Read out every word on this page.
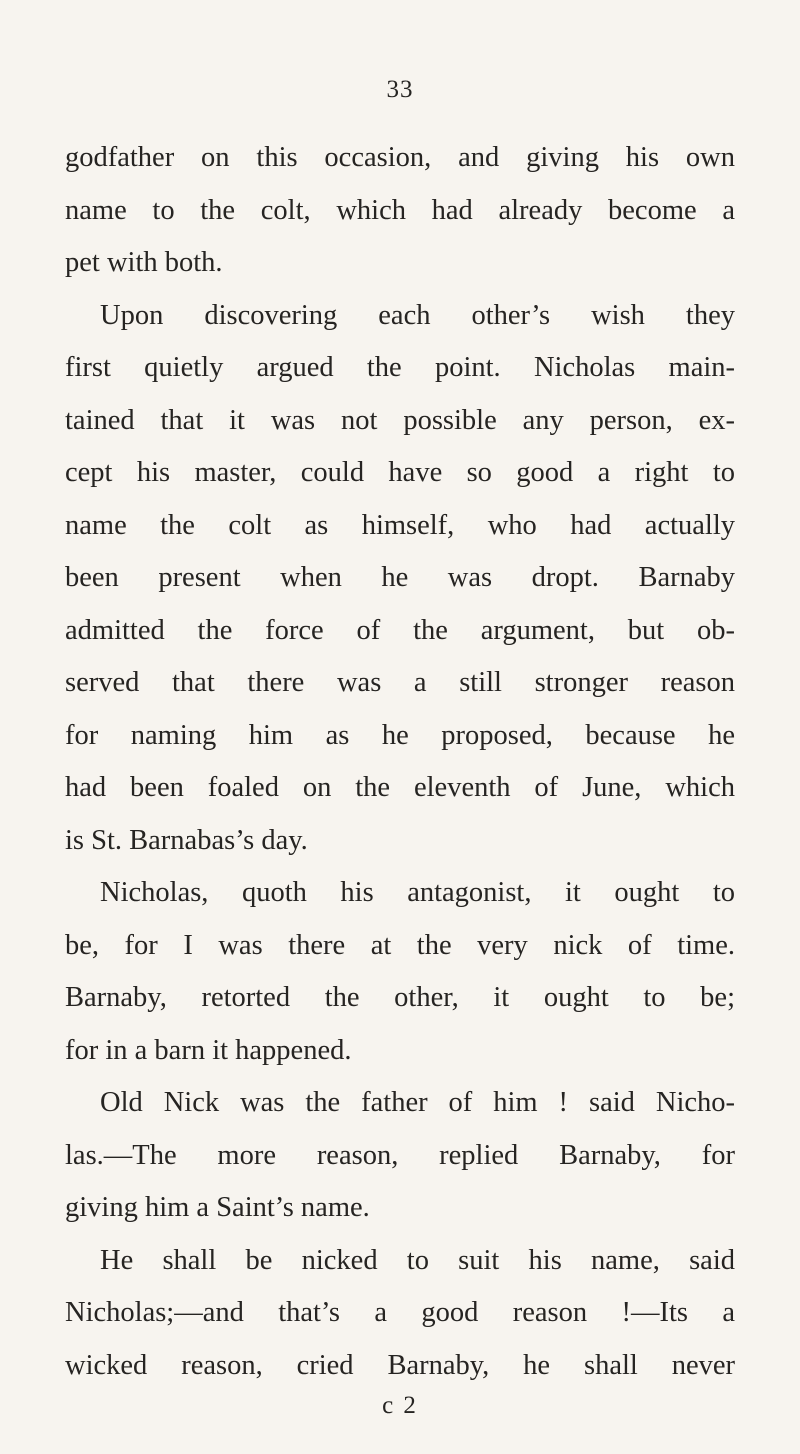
33
godfather on this occasion, and giving his own
name to the colt, which had already become a
pet with both.
Upon discovering each other’s wish they
first quietly argued the point. Nicholas main-
tained that it was not possible any person, ex-
cept his master, could have so good a right to
name the colt as himself, who had actually
been present when he was dropt. Barnaby
admitted the force of the argument, but ob-
served that there was a still stronger reason
for naming him as he proposed, because he
had been foaled on the eleventh of June, which
is St. Barnabas’s day.
Nicholas, quoth his antagonist, it ought to
be, for I was there at the very nick of time.
Barnaby, retorted the other, it ought to be;
for in a barn it happened.
Old Nick was the father of him ! said Nicho-
las.—The more reason, replied Barnaby, for
giving him a Saint’s name.
He shall be nicked to suit his name, said
Nicholas;—and that’s a good reason !—Its a
wicked reason, cried Barnaby, he shall never
c 2
